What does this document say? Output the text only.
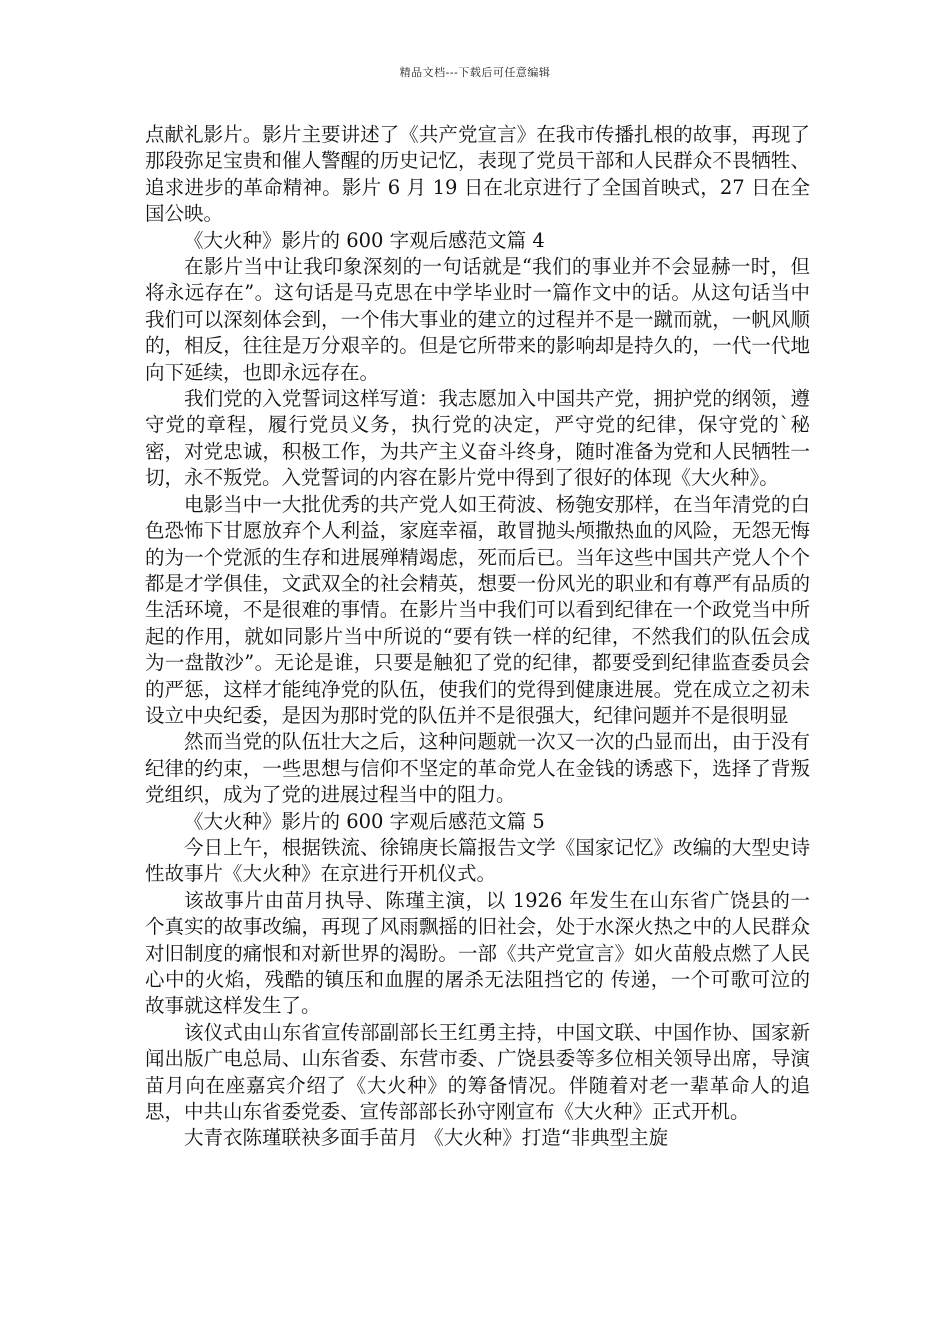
精品文档---下载后可任意编辑

点献礼影片。影片主要讲述了《共产党宣言》在我市传播扎根的故事，再现了那段弥足宝贵和催人警醒的历史记忆，表现了党员干部和人民群众不畏牺牲、追求进步的革命精神。影片 6 月 19 日在北京进行了全国首映式，27 日在全国公映。

《大火种》影片的 600 字观后感范文篇 4

在影片当中让我印象深刻的一句话就是“我们的事业并不会显赫一时，但将永远存在”。这句话是马克思在中学毕业时一篇作文中的话。从这句话当中我们可以深刻体会到，一个伟大事业的建立的过程并不是一蹴而就，一帆风顺的，相反，往往是万分艰辛的。但是它所带来的影响却是持久的，一代一代地向下延续，也即永远存在。

我们党的入党誓词这样写道：我志愿加入中国共产党，拥护党的纲领，遵守党的章程，履行党员义务，执行党的决定，严守党的纪律，保守党的`秘密，对党忠诚，积极工作，为共产主义奋斗终身，随时准备为党和人民牺牲一切，永不叛党。入党誓词的内容在影片党中得到了很好的体现《大火种》。

电影当中一大批优秀的共产党人如王荷波、杨匏安那样，在当年清党的白色恐怖下甘愿放弃个人利益，家庭幸福，敢冒抛头颅撒热血的风险，无怨无悔的为一个党派的生存和进展殚精竭虑，死而后已。当年这些中国共产党人个个都是才学俱佳，文武双全的社会精英，想要一份风光的职业和有尊严有品质的生活环境，不是很难的事情。在影片当中我们可以看到纪律在一个政党当中所起的作用，就如同影片当中所说的“要有铁一样的纪律，不然我们的队伍会成为一盘散沙”。无论是谁，只要是触犯了党的纪律，都要受到纪律监查委员会的严惩，这样才能纯净党的队伍，使我们的党得到健康进展。党在成立之初未设立中央纪委，是因为那时党的队伍并不是很强大，纪律问题并不是很明显

然而当党的队伍壮大之后，这种问题就一次又一次的凸显而出，由于没有纪律的约束，一些思想与信仰不坚定的革命党人在金钱的诱惑下，选择了背叛党组织，成为了党的进展过程当中的阻力。

《大火种》影片的 600 字观后感范文篇 5

今日上午，根据铁流、徐锦庚长篇报告文学《国家记忆》改编的大型史诗性故事片《大火种》在京进行开机仪式。

该故事片由苗月执导、陈瑾主演，以 1926 年发生在山东省广饶县的一个真实的故事改编，再现了风雨飘摇的旧社会，处于水深火热之中的人民群众对旧制度的痛恨和对新世界的渴盼。一部《共产党宣言》如火苗般点燃了人民心中的火焰，残酷的镇压和血腥的屠杀无法阻挡它的 传递，一个可歌可泣的故事就这样发生了。

该仪式由山东省宣传部副部长王红勇主持，中国文联、中国作协、国家新闻出版广电总局、山东省委、东营市委、广饶县委等多位相关领导出席，导演苗月向在座嘉宾介绍了《大火种》的筹备情况。伴随着对老一辈革命人的追思，中共山东省委党委、宣传部部长孙守刚宣布《大火种》正式开机。

大青衣陈瑾联袂多面手苗月 《大火种》打造“非典型主旋
